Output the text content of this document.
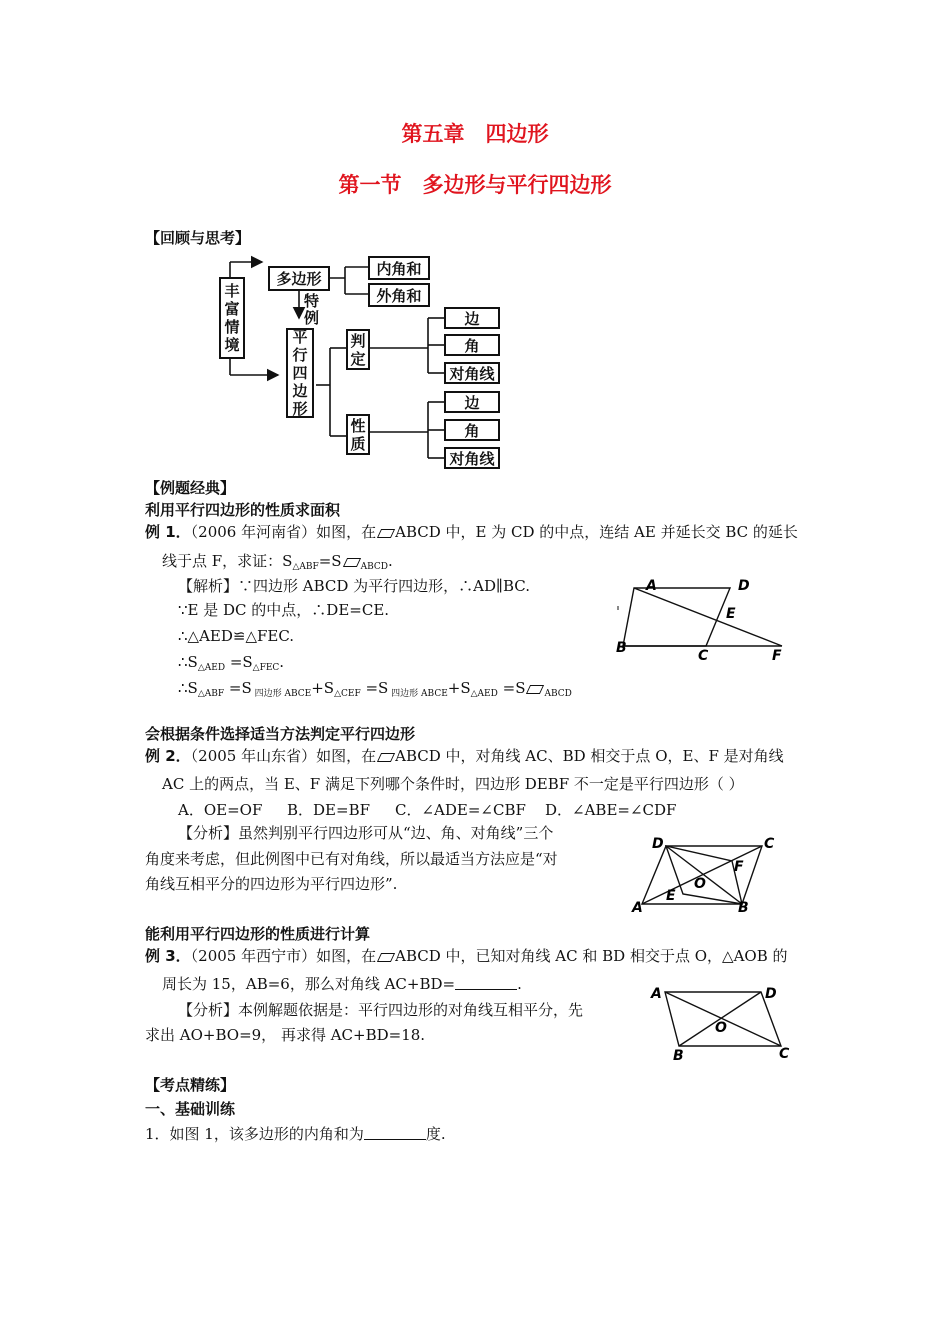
第五章　四边形
第一节　多边形与平行四边形
【回顾与思考】
丰
富
情
境
多边形
内角和
外角和
特
例
平
行
四
边
形
判
定
性
质
边
角
对角线
边
角
对角线
【例题经典】
利用平行四边形的性质求面积
例 1．（2006 年河南省）如图，在 ABCD 中，E 为 CD 的中点，连结 AE 并延长交 BC 的延长
线于点 F，求证：$S_{\triangle ABF}=S$ $_{ABCD}$.
【解析】∵四边形 ABCD 为平行四边形，∴AD∥BC.
∵E 是 DC 的中点，∴DE=CE.
∴△AED≌△FEC.
$\therefore S_{\triangle AED} =S_{\triangle FEC}$.
$\therefore S_{\triangle ABF} =S$ $_{四边形 ABCE}+S_{\triangle CEF} =S$ $_{四边形 ABCE}+S_{\triangle AED} =S$ $_{ABCD}$
A	D
E
B	C	F
会根据条件选择适当方法判定平行四边形
例 2．（2005 年山东省）如图，在 ABCD 中，对角线 AC、BD 相交于点 O，E、F 是对角线
AC 上的两点，当 E、F 满足下列哪个条件时，四边形 DEBF 不一定是平行四边形（ ）
A．OE=OF B．DE=BF C．∠ADE=∠CBF D．∠ABE=∠CDF
【分析】虽然判别平行四边形可从“边、角、对角线”三个
角度来考虑，但此例图中已有对角线，所以最适当方法应是“对
角线互相平分的四边形为平行四边形”.
D	C
F
O
E
A	B
能利用平行四边形的性质进行计算
例 3．（2005 年西宁市）如图，在 ABCD 中，已知对角线 AC 和 BD 相交于点 O，△AOB 的
周长为 15，AB=6，那么对角线 AC+BD=	.
【分析】本例解题依据是：平行四边形的对角线互相平分，先
求出 AO+BO=9， 再求得 AC+BD=18.
A	D
O
B	C
【考点精练】
一、基础训练
1．如图 1，该多边形的内角和为	度.
